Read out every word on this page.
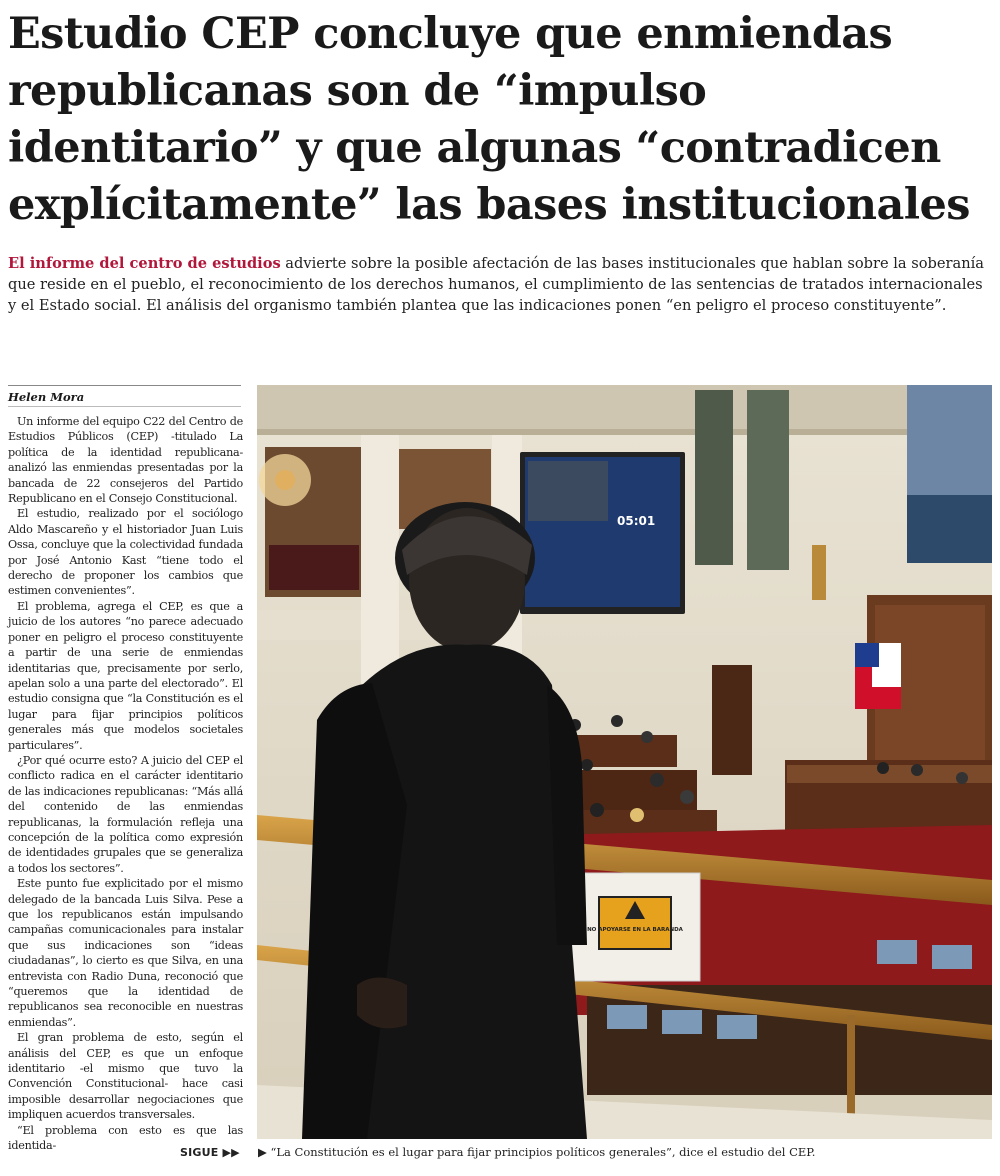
Estudio CEP concluye que enmiendas republicanas son de “impulso identitario” y que algunas “contradicen explícitamente” las bases institucionales

El informe del centro de estudios advierte sobre la posible afectación de las bases institucionales que hablan sobre la soberanía que reside en el pueblo, el reconocimiento de los derechos humanos, el cumplimiento de las sentencias de tratados internacionales y el Estado social. El análisis del organismo también plantea que las indicaciones ponen “en peligro el proceso constituyente”.

Helen Mora

Un informe del equipo C22 del Centro de Estudios Públicos (CEP) -titulado La política de la identidad republicana- analizó las enmiendas presentadas por la bancada de 22 consejeros del Partido Republicano en el Consejo Constitucional.

El estudio, realizado por el sociólogo Aldo Mascareño y el historiador Juan Luis Ossa, concluye que la colectividad fundada por José Antonio Kast “tiene todo el derecho de proponer los cambios que estimen convenientes”.

El problema, agrega el CEP, es que a juicio de los autores “no parece adecuado poner en peligro el proceso constituyente a partir de una serie de enmiendas identitarias que, precisamente por serlo, apelan solo a una parte del electorado”. El estudio consigna que “la Constitución es el lugar para fijar principios políticos generales más que modelos societales particulares”.

¿Por qué ocurre esto? A juicio del CEP el conflicto radica en el carácter identitario de las indicaciones republicanas: “Más allá del contenido de las enmiendas republicanas, la formulación refleja una concepción de la política como expresión de identidades grupales que se generaliza a todos los sectores”.

Este punto fue explicitado por el mismo delegado de la bancada Luis Silva. Pese a que los republicanos están impulsando campañas comunicacionales para instalar que sus indicaciones son “ideas ciudadanas”, lo cierto es que Silva, en una entrevista con Radio Duna, reconoció que “queremos que la identidad de republicanos sea reconocible en nuestras enmiendas”.

El gran problema de esto, según el análisis del CEP, es que un enfoque identitario -el mismo que tuvo la Convención Constitucional- hace casi imposible desarrollar negociaciones que impliquen acuerdos transversales.

“El problema con esto es que las identida-

05:01
NO APOYARSE EN LA BARANDA
SIGUE ▶▶ ▶ “La Constitución es el lugar para fijar principios políticos generales”, dice el estudio del CEP.
